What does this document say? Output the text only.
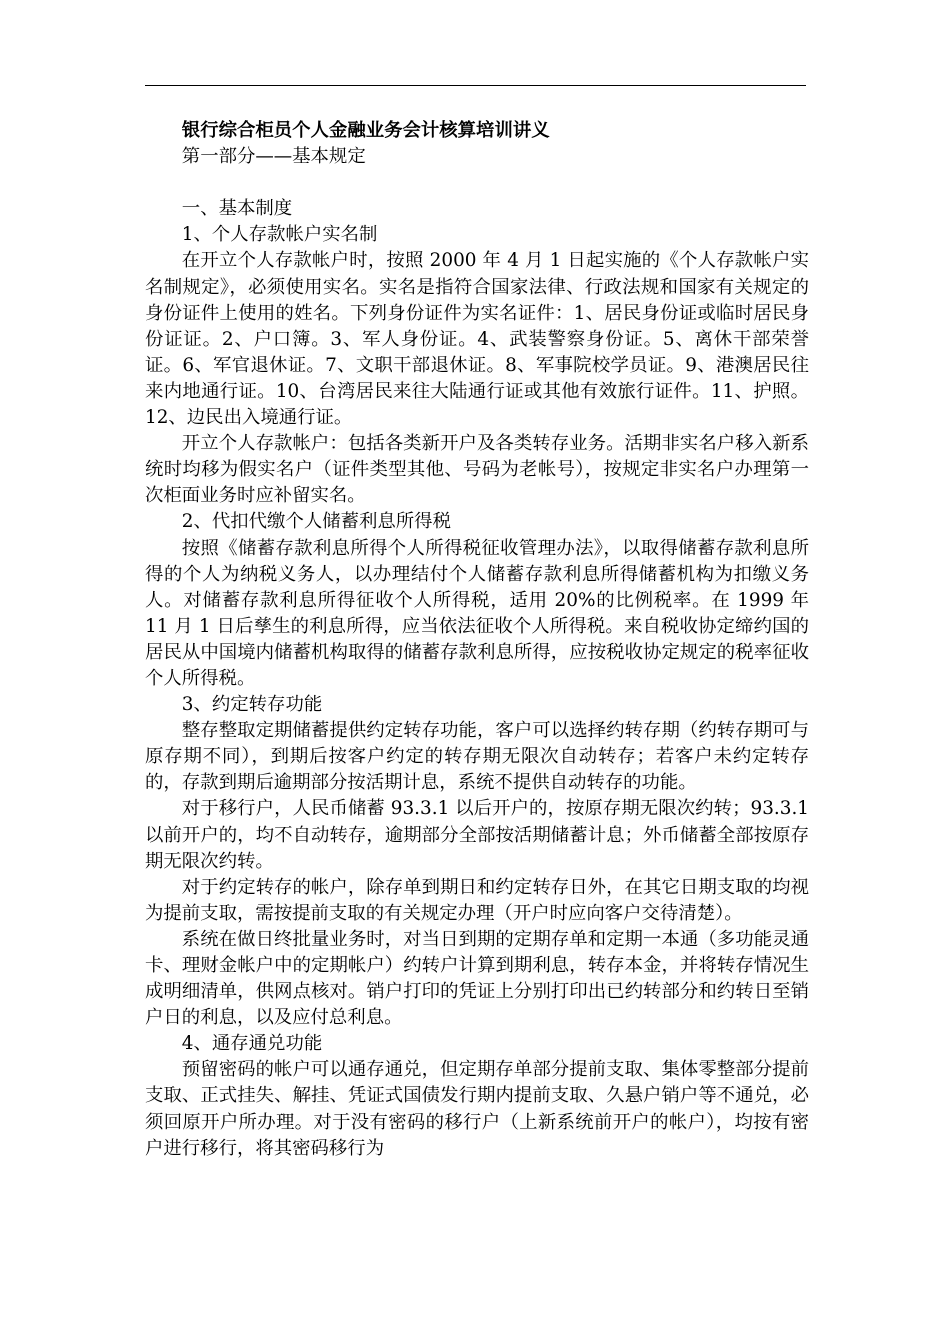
银行综合柜员个人金融业务会计核算培训讲义

第一部分——基本规定

一、基本制度

1、个人存款帐户实名制

在开立个人存款帐户时，按照 2000 年 4 月 1 日起实施的《个人存款帐户实名制规定》，必须使用实名。实名是指符合国家法律、行政法规和国家有关规定的身份证件上使用的姓名。下列身份证件为实名证件：1、居民身份证或临时居民身份证证。2、户口簿。3、军人身份证。4、武装警察身份证。5、离休干部荣誉证。6、军官退休证。7、文职干部退休证。8、军事院校学员证。9、港澳居民往来内地通行证。10、台湾居民来往大陆通行证或其他有效旅行证件。11、护照。12、边民出入境通行证。

开立个人存款帐户：包括各类新开户及各类转存业务。活期非实名户移入新系统时均移为假实名户（证件类型其他、号码为老帐号），按规定非实名户办理第一次柜面业务时应补留实名。

2、代扣代缴个人储蓄利息所得税

按照《储蓄存款利息所得个人所得税征收管理办法》，以取得储蓄存款利息所得的个人为纳税义务人，以办理结付个人储蓄存款利息所得储蓄机构为扣缴义务人。对储蓄存款利息所得征收个人所得税，适用 20%的比例税率。在 1999 年 11 月 1 日后孳生的利息所得，应当依法征收个人所得税。来自税收协定缔约国的居民从中国境内储蓄机构取得的储蓄存款利息所得，应按税收协定规定的税率征收个人所得税。

3、约定转存功能

整存整取定期储蓄提供约定转存功能，客户可以选择约转存期（约转存期可与原存期不同），到期后按客户约定的转存期无限次自动转存；若客户未约定转存的，存款到期后逾期部分按活期计息，系统不提供自动转存的功能。

对于移行户，人民币储蓄 93.3.1 以后开户的，按原存期无限次约转；93.3.1 以前开户的，均不自动转存，逾期部分全部按活期储蓄计息；外币储蓄全部按原存期无限次约转。

对于约定转存的帐户，除存单到期日和约定转存日外，在其它日期支取的均视为提前支取，需按提前支取的有关规定办理（开户时应向客户交待清楚）。

系统在做日终批量业务时，对当日到期的定期存单和定期一本通（多功能灵通卡、理财金帐户中的定期帐户）约转户计算到期利息，转存本金，并将转存情况生成明细清单，供网点核对。销户打印的凭证上分别打印出已约转部分和约转日至销户日的利息，以及应付总利息。

4、通存通兑功能

预留密码的帐户可以通存通兑，但定期存单部分提前支取、集体零整部分提前支取、正式挂失、解挂、凭证式国债发行期内提前支取、久悬户销户等不通兑，必须回原开户所办理。对于没有密码的移行户（上新系统前开户的帐户），均按有密户进行移行，将其密码移行为
